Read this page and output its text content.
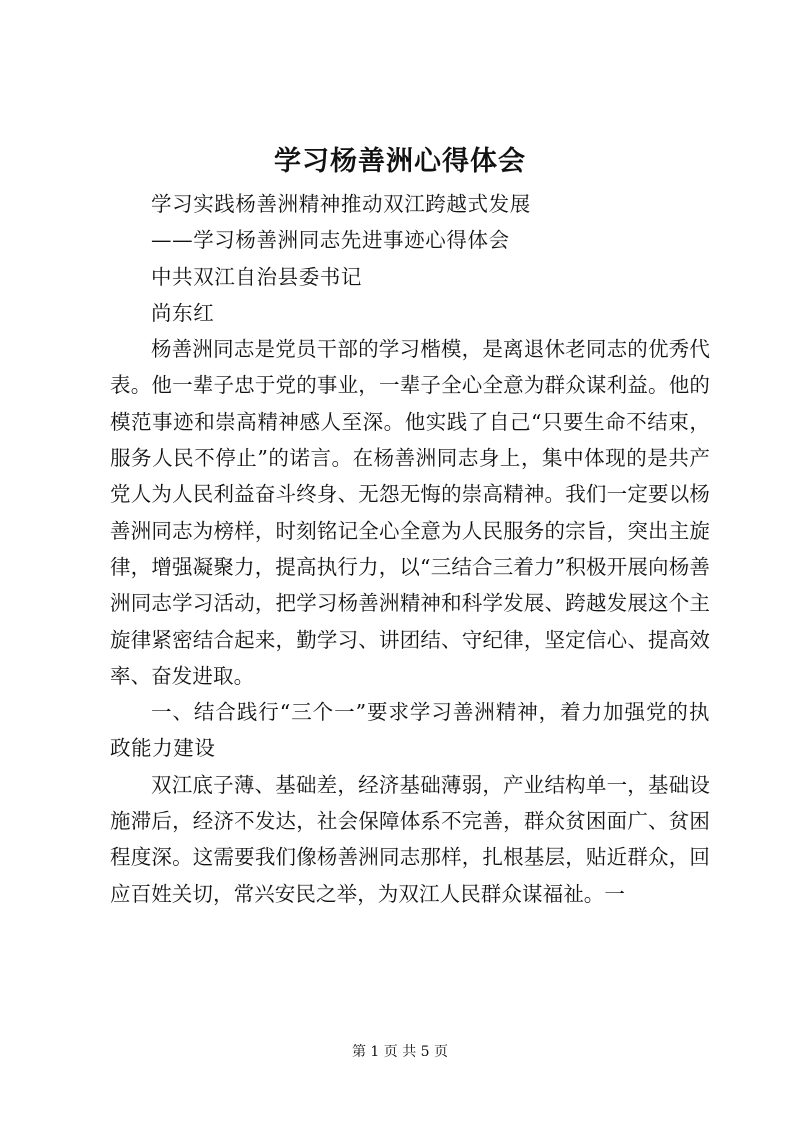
学习杨善洲心得体会

学习实践杨善洲精神推动双江跨越式发展

——学习杨善洲同志先进事迹心得体会

中共双江自治县委书记

尚东红

杨善洲同志是党员干部的学习楷模，是离退休老同志的优秀代表。他一辈子忠于党的事业，一辈子全心全意为群众谋利益。他的模范事迹和崇高精神感人至深。他实践了自己“只要生命不结束，服务人民不停止”的诺言。在杨善洲同志身上，集中体现的是共产党人为人民利益奋斗终身、无怨无悔的崇高精神。我们一定要以杨善洲同志为榜样，时刻铭记全心全意为人民服务的宗旨，突出主旋律，增强凝聚力，提高执行力，以“三结合三着力”积极开展向杨善洲同志学习活动，把学习杨善洲精神和科学发展、跨越发展这个主旋律紧密结合起来，勤学习、讲团结、守纪律，坚定信心、提高效率、奋发进取。

一、结合践行“三个一”要求学习善洲精神，着力加强党的执政能力建设

双江底子薄、基础差，经济基础薄弱，产业结构单一，基础设施滞后，经济不发达，社会保障体系不完善，群众贫困面广、贫困程度深。这需要我们像杨善洲同志那样，扎根基层，贴近群众，回应百姓关切，常兴安民之举，为双江人民群众谋福祉。一

第 1 页 共 5 页
